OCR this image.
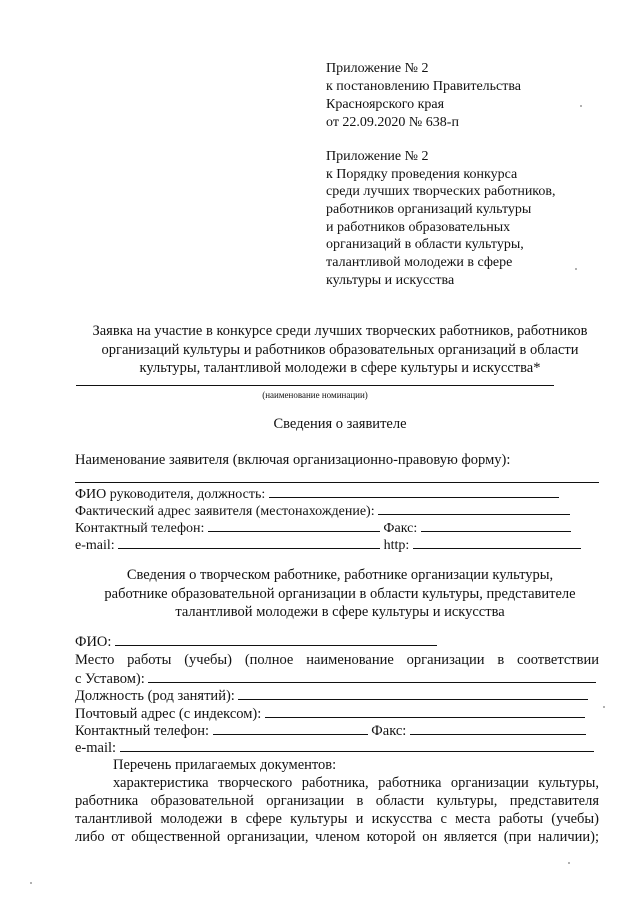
Приложение № 2
к постановлению Правительства
Красноярского края
от 22.09.2020 № 638-п
Приложение № 2
к Порядку проведения конкурса
среди лучших творческих работников,
работников организаций культуры
и работников образовательных
организаций в области культуры,
талантливой молодежи в сфере
культуры и искусства
Заявка на участие в конкурсе среди лучших творческих работников, работников
организаций культуры и работников образовательных организаций в области
культуры, талантливой молодежи в сфере культуры и искусства*
(наименование номинации)
Сведения о заявителе
Наименование заявителя (включая организационно-правовую форму):
ФИО руководителя, должность:
Фактический адрес заявителя (местонахождение):
Контактный телефон:	Факс:
e-mail:	http:
Сведения о творческом работнике, работнике организации культуры,
работнике образовательной организации в области культуры, представителе
талантливой молодежи в сфере культуры и искусства
ФИО:
Место работы (учебы) (полное наименование организации в соответствии
с Уставом):
Должность (род занятий):
Почтовый адрес (с индексом):
Контактный телефон:	Факс:
e-mail:
Перечень прилагаемых документов:
характеристика творческого работника, работника организации культуры,
работника образовательной организации в области культуры, представителя
талантливой молодежи в сфере культуры и искусства с места работы (учебы)
либо от общественной организации, членом которой он является (при наличии);
